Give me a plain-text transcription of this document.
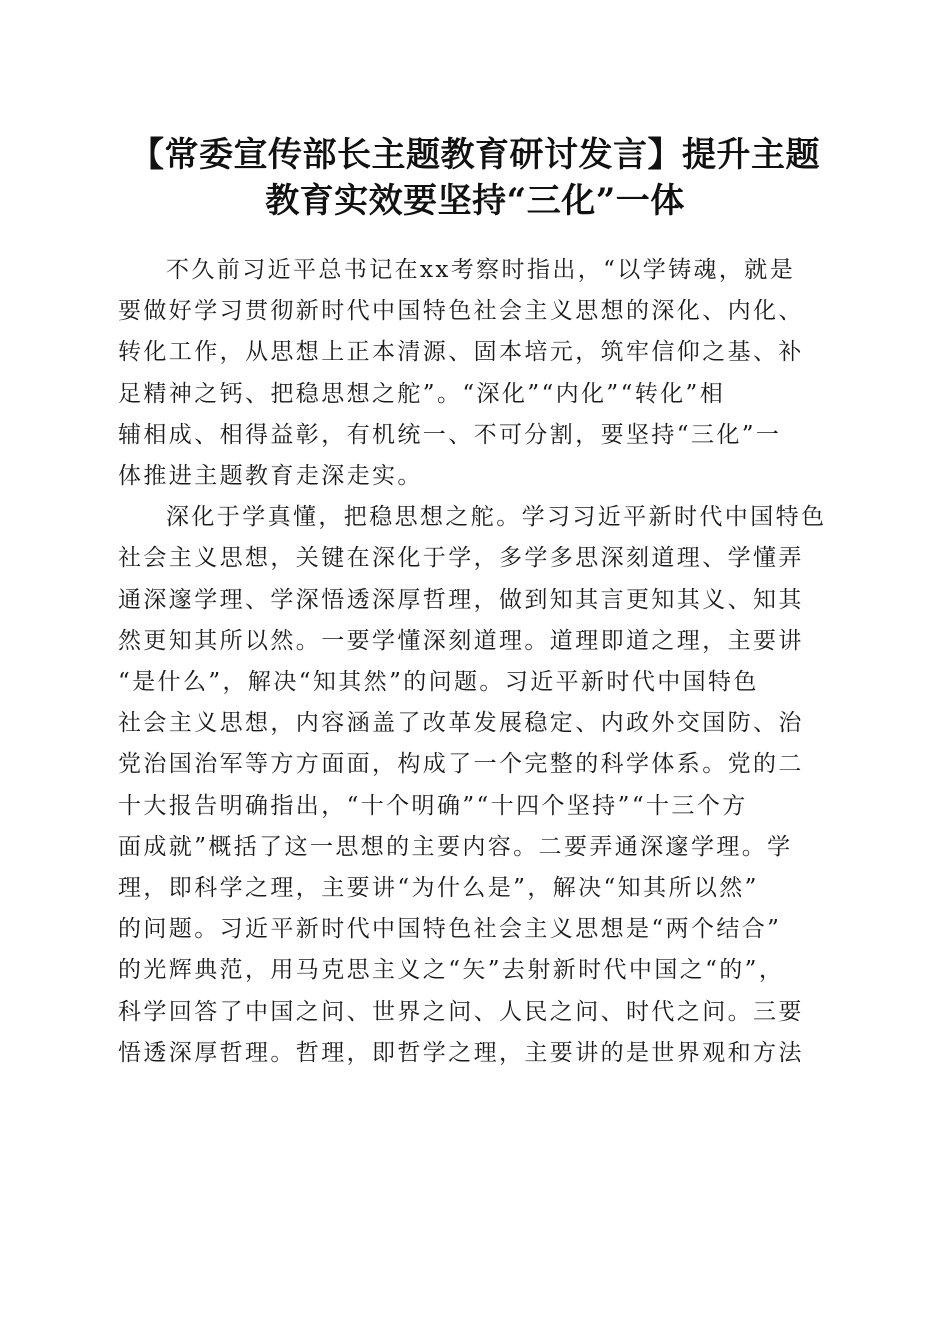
【常委宣传部长主题教育研讨发言】提升主题
教育实效要坚持“三化”一体

不久前习近平总书记在xx考察时指出，“以学铸魂，就是
要做好学习贯彻新时代中国特色社会主义思想的深化、内化、
转化工作，从思想上正本清源、固本培元，筑牢信仰之基、补
足精神之钙、把稳思想之舵”。“深化”“内化”“转化”相
辅相成、相得益彰，有机统一、不可分割，要坚持“三化”一
体推进主题教育走深走实。

深化于学真懂，把稳思想之舵。学习习近平新时代中国特色
社会主义思想，关键在深化于学，多学多思深刻道理、学懂弄
通深邃学理、学深悟透深厚哲理，做到知其言更知其义、知其
然更知其所以然。一要学懂深刻道理。道理即道之理，主要讲
“是什么”，解决“知其然”的问题。习近平新时代中国特色
社会主义思想，内容涵盖了改革发展稳定、内政外交国防、治
党治国治军等方方面面，构成了一个完整的科学体系。党的二
十大报告明确指出，“十个明确”“十四个坚持”“十三个方
面成就”概括了这一思想的主要内容。二要弄通深邃学理。学
理，即科学之理，主要讲“为什么是”，解决“知其所以然”
的问题。习近平新时代中国特色社会主义思想是“两个结合”
的光辉典范，用马克思主义之“矢”去射新时代中国之“的”，
科学回答了中国之问、世界之问、人民之问、时代之问。三要
悟透深厚哲理。哲理，即哲学之理，主要讲的是世界观和方法
